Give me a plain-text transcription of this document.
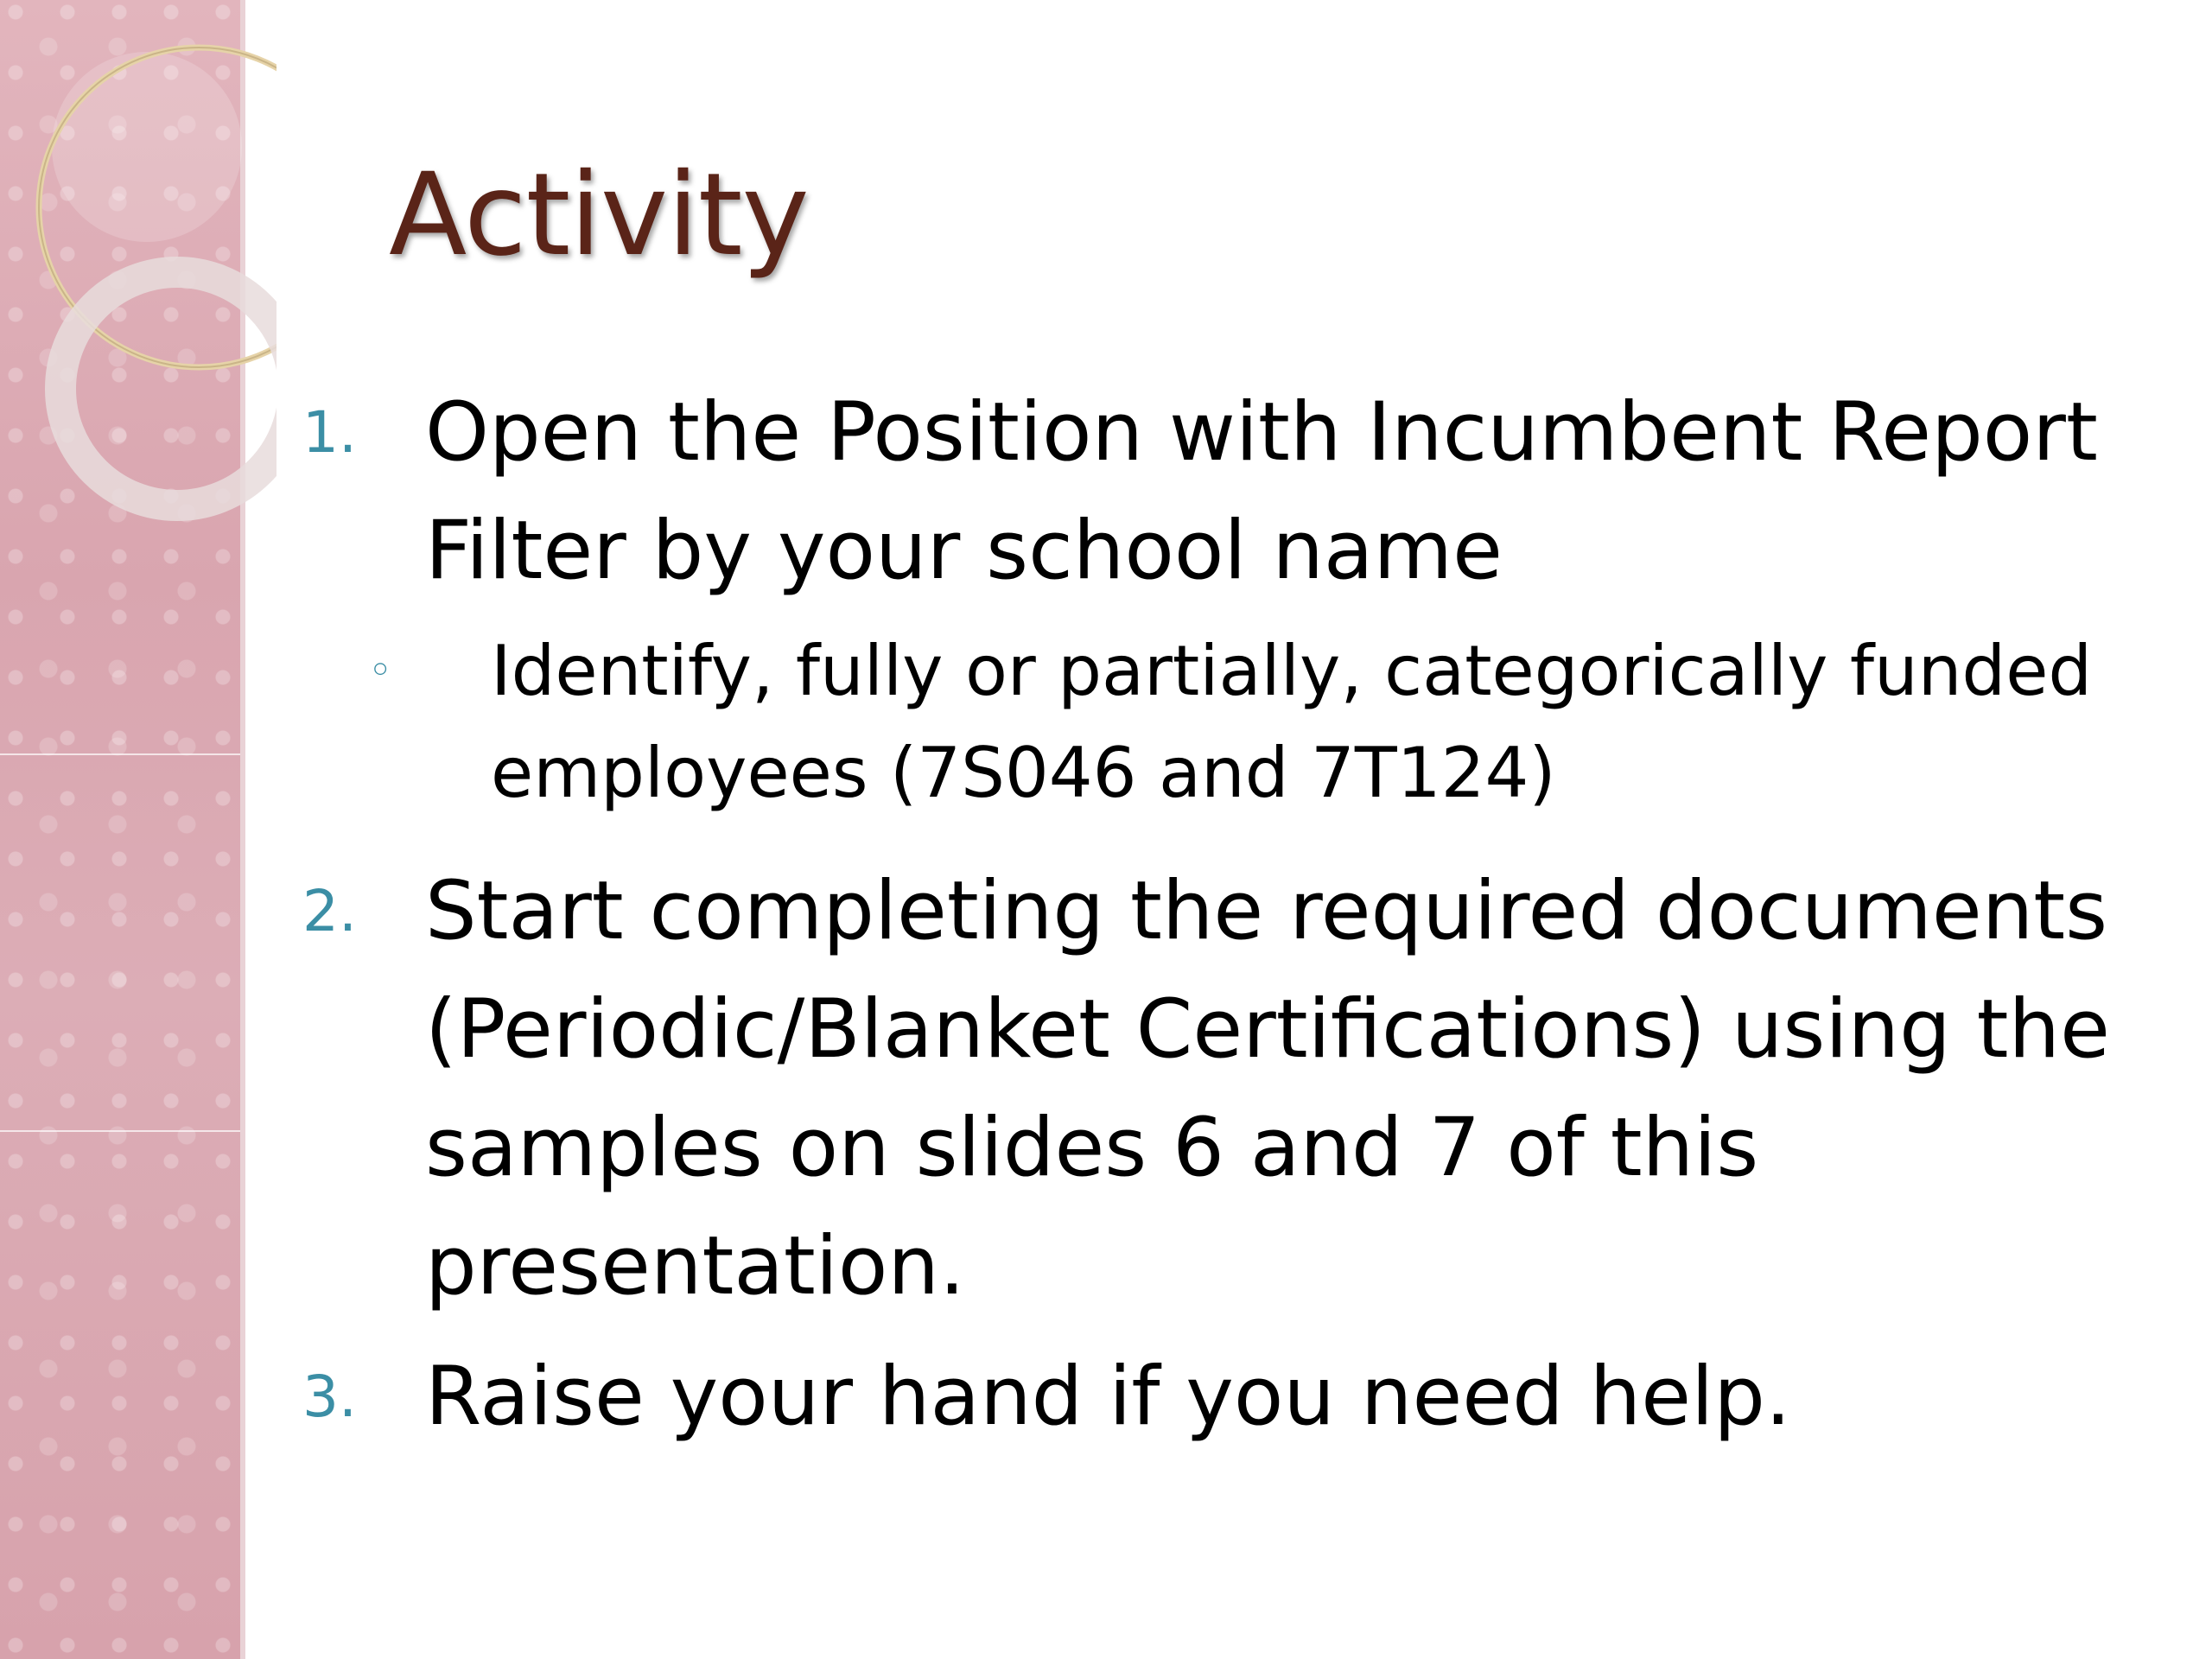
Activity
1. Open the Position with Incumbent Report Filter by your school name
◦ Identify, fully or partially, categorically funded employees (7S046 and 7T124)
2. Start completing the required documents (Periodic/Blanket Certifications) using the samples on slides 6 and 7 of this presentation.
3. Raise your hand if you need help.
